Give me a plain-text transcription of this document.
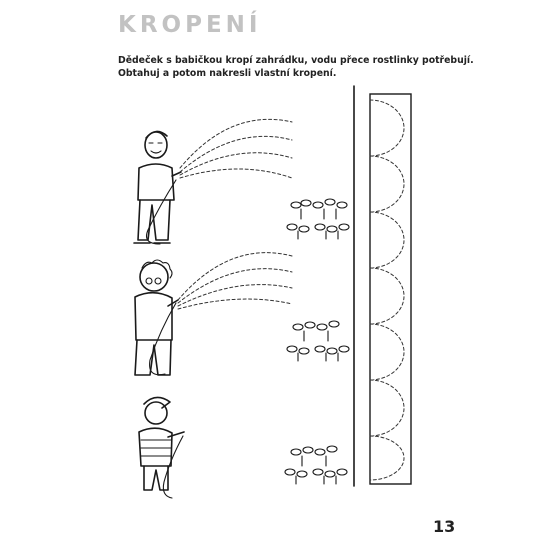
KROPENÍ
Dědeček s babičkou kropí zahrádku, vodu přece rostlinky potřebují.
Obtahuj a potom nakresli vlastní kropení.
13
